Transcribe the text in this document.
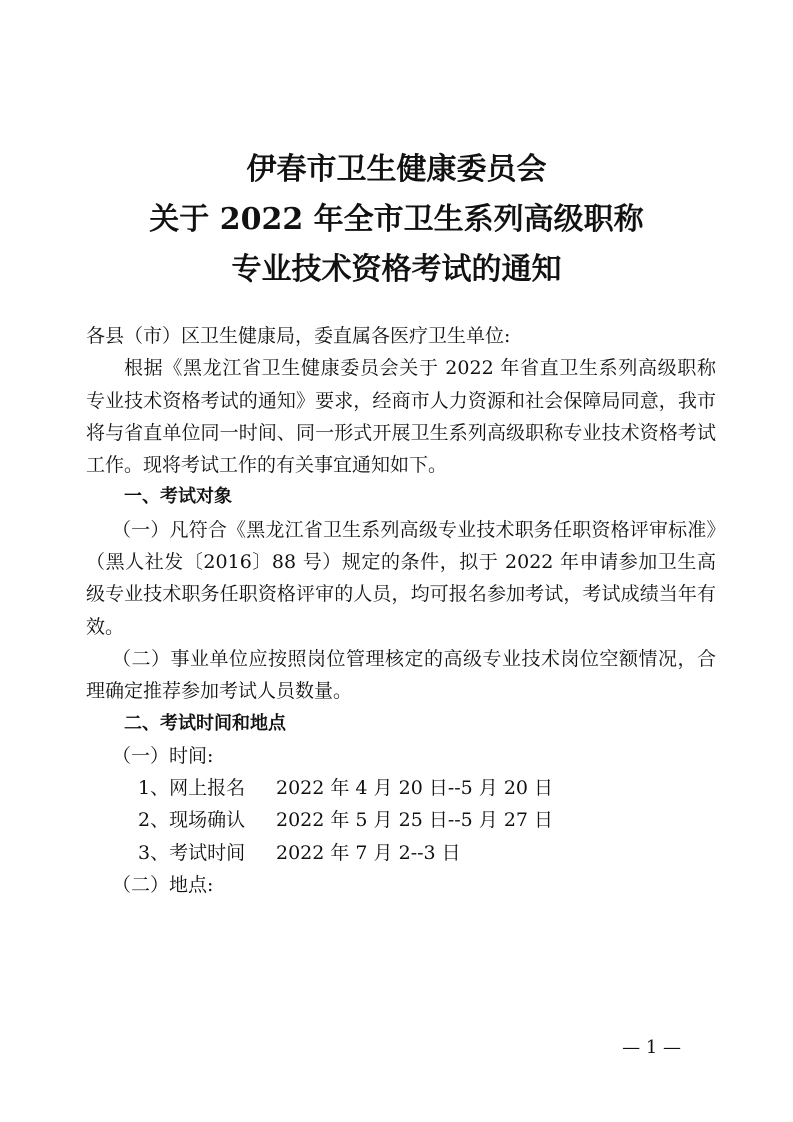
伊春市卫生健康委员会
关于 2022 年全市卫生系列高级职称
专业技术资格考试的通知

各县（市）区卫生健康局，委直属各医疗卫生单位:

根据《黑龙江省卫生健康委员会关于 2022 年省直卫生系列高级职称专业技术资格考试的通知》要求，经商市人力资源和社会保障局同意，我市将与省直单位同一时间、同一形式开展卫生系列高级职称专业技术资格考试工作。现将考试工作的有关事宜通知如下。

一、考试对象

（一）凡符合《黑龙江省卫生系列高级专业技术职务任职资格评审标准》（黑人社发〔2016〕88 号）规定的条件，拟于 2022 年申请参加卫生高级专业技术职务任职资格评审的人员，均可报名参加考试，考试成绩当年有效。

（二）事业单位应按照岗位管理核定的高级专业技术岗位空额情况，合理确定推荐参加考试人员数量。

二、考试时间和地点

（一）时间:

1、网上报名	2022 年 4 月 20 日--5 月 20 日
2、现场确认	2022 年 5 月 25 日--5 月 27 日
3、考试时间	2022 年 7 月 2--3 日

（二）地点:

— 1 —
